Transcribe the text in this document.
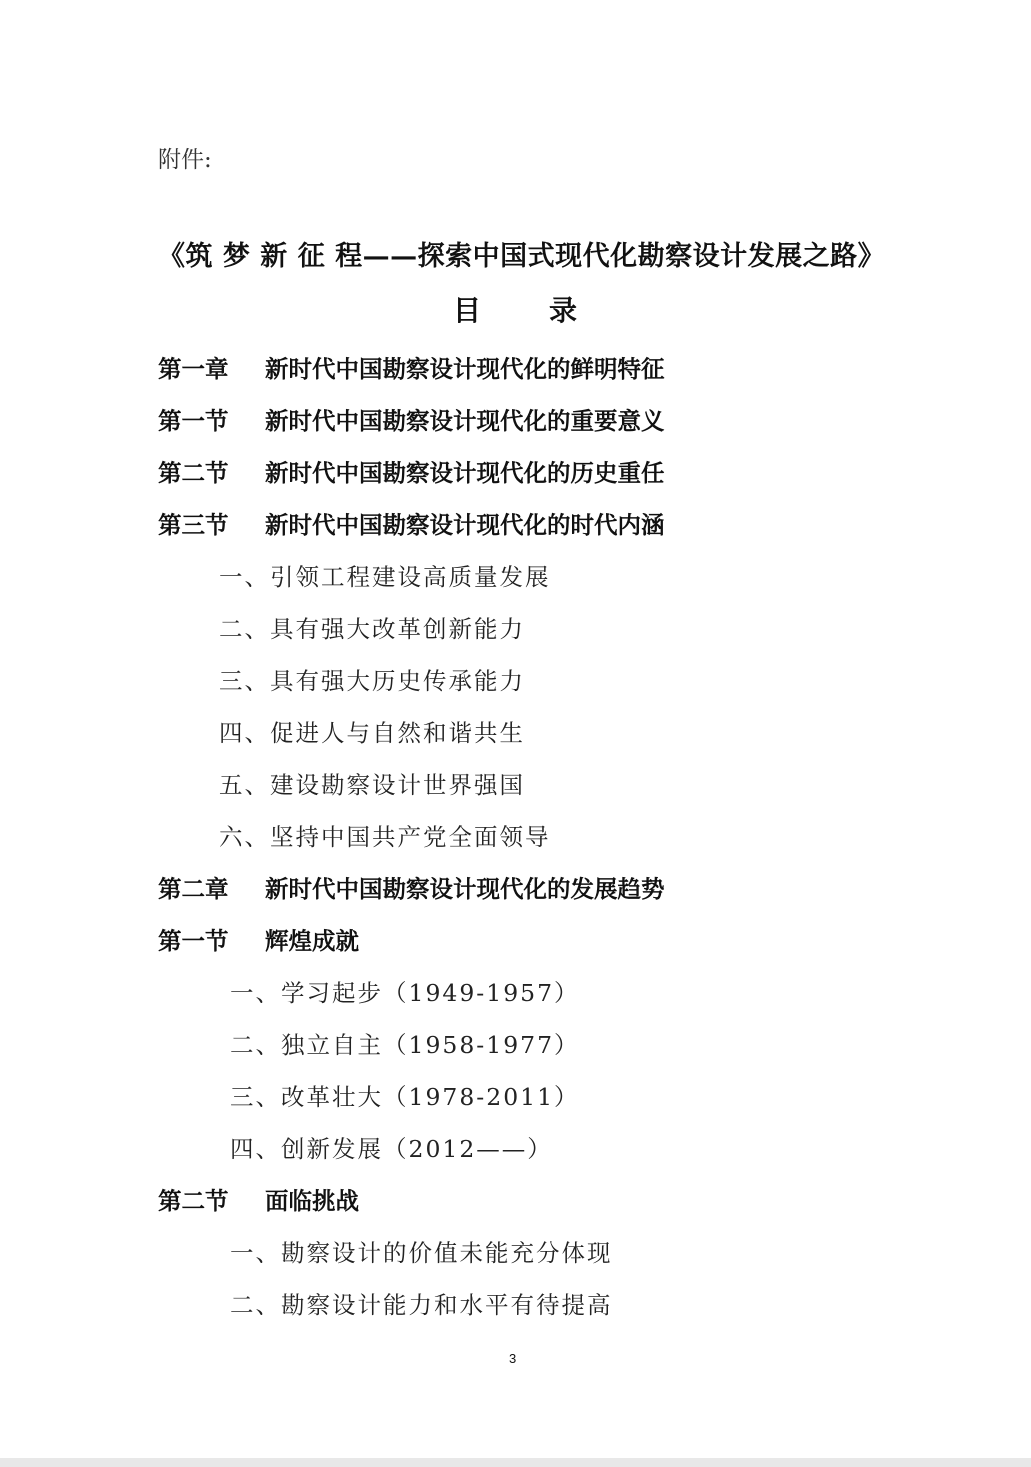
附件:
《筑 梦 新 征 程——探索中国式现代化勘察设计发展之路》
目录
第一章 新时代中国勘察设计现代化的鲜明特征
第一节 新时代中国勘察设计现代化的重要意义
第二节 新时代中国勘察设计现代化的历史重任
第三节 新时代中国勘察设计现代化的时代内涵
一、引领工程建设高质量发展
二、具有强大改革创新能力
三、具有强大历史传承能力
四、促进人与自然和谐共生
五、建设勘察设计世界强国
六、坚持中国共产党全面领导
第二章 新时代中国勘察设计现代化的发展趋势
第一节 辉煌成就
一、学习起步（1949-1957）
二、独立自主（1958-1977）
三、改革壮大（1978-2011）
四、创新发展（2012——）
第二节 面临挑战
一、勘察设计的价值未能充分体现
二、勘察设计能力和水平有待提高
3
